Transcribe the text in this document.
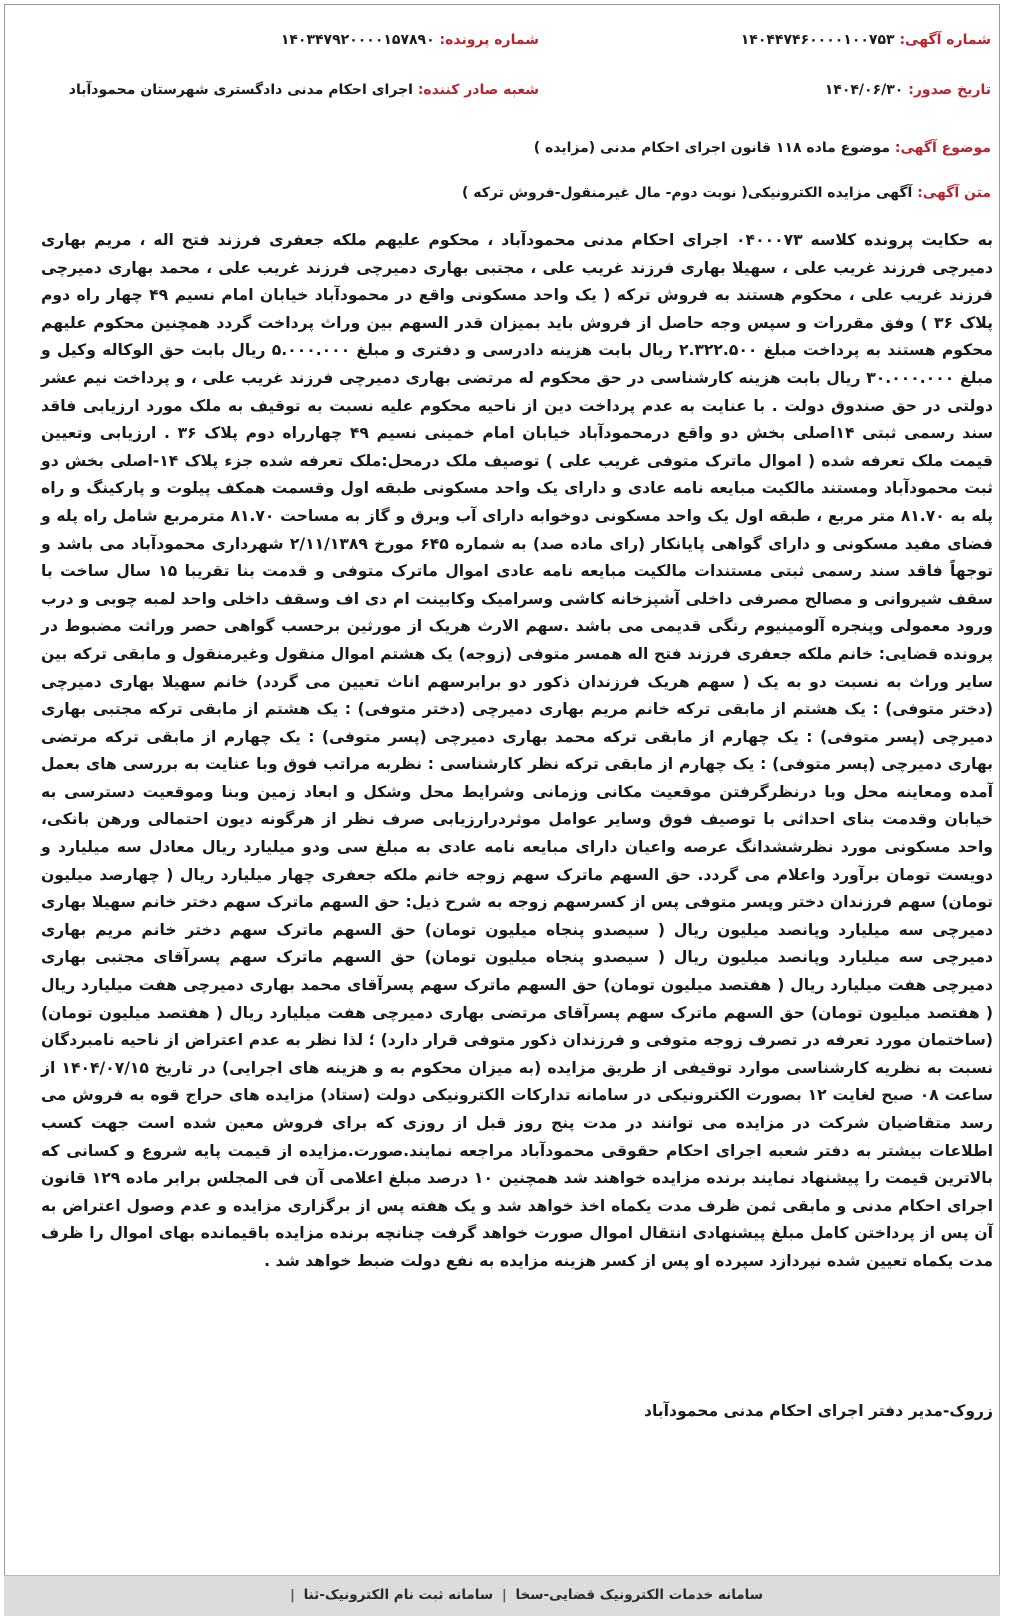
شماره آگهی: ۱۴۰۴۴۷۴۶۰۰۰۰۱۰۰۷۵۳
شماره پرونده: ۱۴۰۳۴۷۹۲۰۰۰۰۱۵۷۸۹۰
تاریخ صدور: ۱۴۰۴/۰۶/۳۰
شعبه صادر کننده: اجرای احکام مدنی دادگستری شهرستان محمودآباد
موضوع آگهی: موضوع ماده ۱۱۸ قانون اجرای احکام مدنی (مزایده )
متن آگهی: آگهی مزایده الکترونیکی( نوبت دوم- مال غیرمنقول-فروش ترکه )
به حکایت پرونده کلاسه ۰۴۰۰۰۷۳ اجرای احکام مدنی محمودآباد ، محکوم علیهم ملکه جعفری فرزند فتح اله ، مریم بهاری دمیرچی فرزند غریب علی ، سهیلا بهاری فرزند غریب علی ، مجتبی بهاری دمیرچی فرزند غریب علی ، محمد بهاری دمیرچی فرزند غریب علی ، محکوم هستند به فروش ترکه ( یک واحد مسکونی واقع در محمودآباد خیابان امام نسیم ۴۹ چهار راه دوم پلاک ۳۶ ) وفق مقررات و سپس وجه حاصل از فروش باید بمیزان قدر السهم بین وراث پرداخت گردد همچنین محکوم علیهم محکوم هستند به پرداخت مبلغ ۲.۳۲۲.۵۰۰ ریال بابت هزینه دادرسی و دفتری و مبلغ ۵.۰۰۰.۰۰۰ ریال بابت حق الوکاله وکیل و مبلغ ۳۰.۰۰۰.۰۰۰ ریال بابت هزینه کارشناسی در حق محکوم له مرتضی بهاری دمیرچی فرزند غریب علی ، و پرداخت نیم عشر دولتی در حق صندوق دولت . با عنایت به عدم پرداخت دین از ناحیه محکوم علیه نسبت به توقیف به ملک مورد ارزیابی فاقد سند رسمی ثبتی ۱۴اصلی بخش دو واقع درمحمودآباد خیابان امام خمینی نسیم ۴۹ چهارراه دوم پلاک ۳۶ . ارزیابی وتعیین قیمت ملک تعرفه شده ( اموال ماترک متوفی غریب علی ) توصیف ملک درمحل:ملک تعرفه شده جزء پلاک ۱۴-اصلی بخش دو ثبت محمودآباد ومستند مالکیت مبایعه نامه عادی و دارای یک واحد مسکونی طبقه اول وقسمت همکف پیلوت و پارکینگ و راه پله به ۸۱.۷۰ متر مربع ، طبقه اول یک واحد مسکونی دوخوابه دارای آب وبرق و گاز به مساحت ۸۱.۷۰ مترمربع شامل راه پله و فضای مفید مسکونی و دارای گواهی پایانکار (رای ماده صد) به شماره ۶۴۵ مورخ ۲/۱۱/۱۳۸۹ شهرداری محمودآباد می باشد و توجهاً فاقد سند رسمی ثبتی مستندات مالکیت مبایعه نامه عادی اموال ماترک متوفی و قدمت بنا تقریبا ۱۵ سال ساخت با سقف شیروانی و مصالح مصرفی داخلی آشپزخانه کاشی وسرامیک وکابینت ام دی اف وسقف داخلی واحد لمبه چوبی و درب ورود معمولی وپنجره آلومینیوم رنگی قدیمی می باشد .سهم الارث هریک از مورثین برحسب گواهی حصر وراثت مضبوط در پرونده قضایی: خانم ملکه جعفری فرزند فتح اله همسر متوفی (زوجه) یک هشتم اموال منقول وغیرمنقول و مابقی ترکه بین سایر وراث به نسبت دو به یک ( سهم هریک فرزندان ذکور دو برابرسهم اناث تعیین می گردد) خانم سهیلا بهاری دمیرچی (دختر متوفی) : یک هشتم از مابقی ترکه خانم مریم بهاری دمیرچی (دختر متوفی) : یک هشتم از مابقی ترکه مجتبی بهاری دمیرچی (پسر متوفی) : یک چهارم از مابقی ترکه محمد بهاری دمیرچی (پسر متوفی) : یک چهارم از مابقی ترکه مرتضی بهاری دمیرچی (پسر متوفی) : یک چهارم از مابقی ترکه نظر کارشناسی : نظربه مراتب فوق وبا عنایت به بررسی های بعمل آمده ومعاینه محل وبا درنظرگرفتن موقعیت مکانی وزمانی وشرایط محل وشکل و ابعاد زمین وبنا وموقعیت دسترسی به خیابان وقدمت بنای احداثی با توصیف فوق وسایر عوامل موثردرارزیابی صرف نظر از هرگونه دیون احتمالی ورهن بانکی، واحد مسکونی مورد نظرششدانگ عرصه واعیان دارای مبایعه نامه عادی به مبلغ سی ودو میلیارد ریال معادل سه میلیارد و دویست تومان برآورد واعلام می گردد. حق السهم ماترک سهم زوجه خانم ملکه جعفری چهار میلیارد ریال ( چهارصد میلیون تومان) سهم فرزندان دختر وپسر متوفی پس از کسرسهم زوجه به شرح ذیل: حق السهم ماترک سهم دختر خانم سهیلا بهاری دمیرچی سه میلیارد وپانصد میلیون ریال ( سیصدو پنجاه میلیون تومان) حق السهم ماترک سهم دختر خانم مریم بهاری دمیرچی سه میلیارد وپانصد میلیون ریال ( سیصدو پنجاه میلیون تومان) حق السهم ماترک سهم پسرآقای مجتبی بهاری دمیرچی هفت میلیارد ریال ( هفتصد میلیون تومان) حق السهم ماترک سهم پسرآقای محمد بهاری دمیرچی هفت میلیارد ریال ( هفتصد میلیون تومان) حق السهم ماترک سهم پسرآقای مرتضی بهاری دمیرچی هفت میلیارد ریال ( هفتصد میلیون تومان) (ساختمان مورد تعرفه در تصرف زوجه متوفی و فرزندان ذکور متوفی قرار دارد) ؛ لذا نظر به عدم اعتراض از ناحیه نامبردگان نسبت به نظریه کارشناسی موارد توقیفی از طریق مزایده (به میزان محکوم به و هزینه های اجرایی) در تاریخ ۱۴۰۴/۰۷/۱۵ از ساعت ۰۸ صبح لغایت ۱۲ بصورت الکترونیکی در سامانه تدارکات الکترونیکی دولت (ستاد) مزایده های حراج قوه به فروش می رسد متقاضیان شرکت در مزایده می توانند در مدت پنج روز قبل از روزی که برای فروش معین شده است جهت کسب اطلاعات بیشتر به دفتر شعبه اجرای احکام حقوقی محمودآباد مراجعه نمایند.صورت.مزایده از قیمت پایه شروع و کسانی که بالاترین قیمت را پیشنهاد نمایند برنده مزایده خواهند شد همچنین ۱۰ درصد مبلغ اعلامی آن فی المجلس برابر ماده ۱۲۹ قانون اجرای احکام مدنی و مابقی ثمن ظرف مدت یکماه اخذ خواهد شد و یک هفته پس از برگزاری مزایده و عدم وصول اعتراض به آن پس از پرداختن کامل مبلغ پیشنهادی انتقال اموال صورت خواهد گرفت چنانچه برنده مزایده باقیمانده بهای اموال را ظرف مدت یکماه تعیین شده نپردازد سپرده او پس از کسر هزینه مزایده به نفع دولت ضبط خواهد شد .
زروک-مدیر دفتر اجرای احکام مدنی محمودآباد
سامانه خدمات الکترونیک قضایی-سخا | سامانه ثبت نام الکترونیک-ثنا |
